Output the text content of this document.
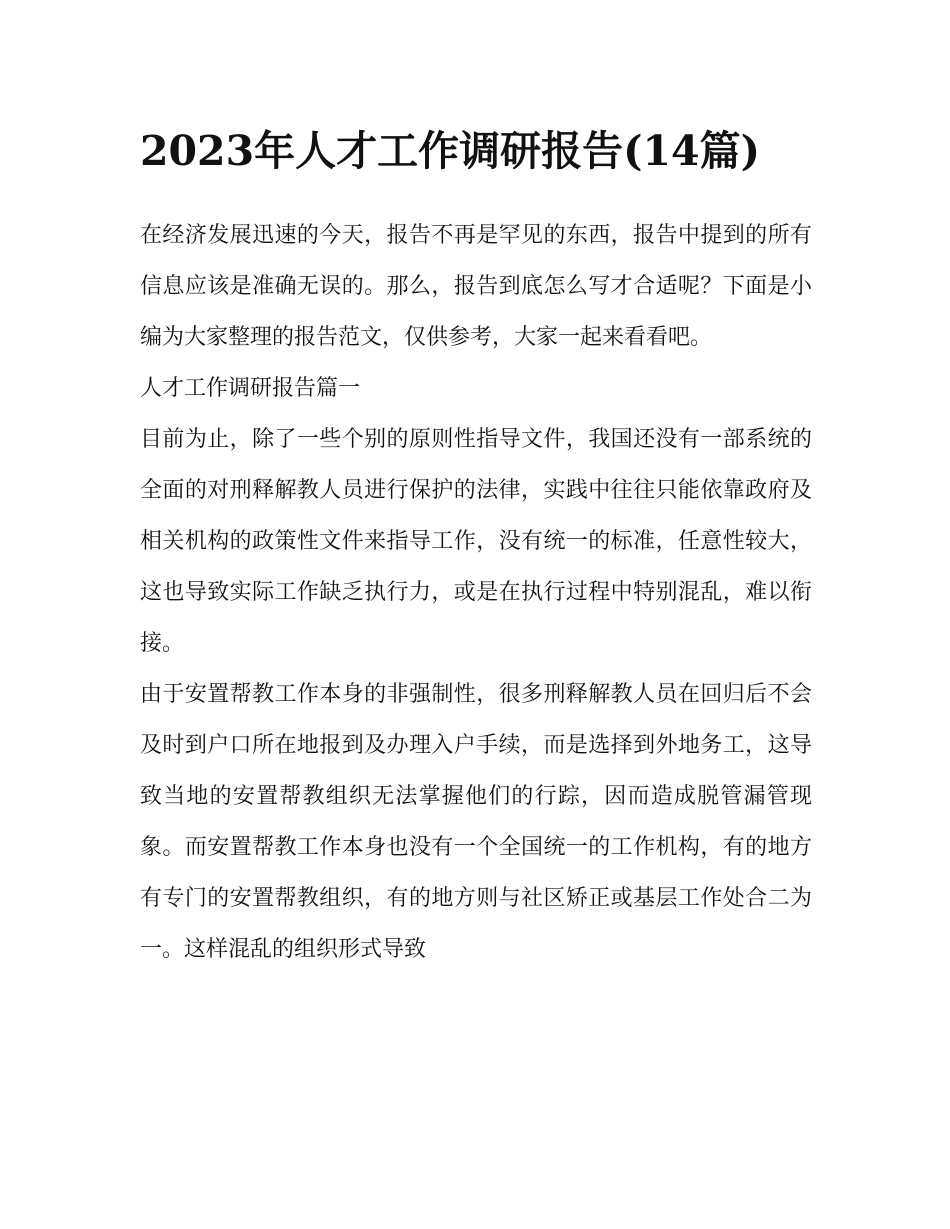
2023年人才工作调研报告(14篇)

在经济发展迅速的今天，报告不再是罕见的东西，报告中提到的所有信息应该是准确无误的。那么，报告到底怎么写才合适呢？下面是小编为大家整理的报告范文，仅供参考，大家一起来看看吧。

人才工作调研报告篇一

目前为止，除了一些个别的原则性指导文件，我国还没有一部系统的全面的对刑释解教人员进行保护的法律，实践中往往只能依靠政府及相关机构的政策性文件来指导工作，没有统一的标准，任意性较大，这也导致实际工作缺乏执行力，或是在执行过程中特别混乱，难以衔接。

由于安置帮教工作本身的非强制性，很多刑释解教人员在回归后不会及时到户口所在地报到及办理入户手续，而是选择到外地务工，这导致当地的安置帮教组织无法掌握他们的行踪，因而造成脱管漏管现象。而安置帮教工作本身也没有一个全国统一的工作机构，有的地方有专门的安置帮教组织，有的地方则与社区矫正或基层工作处合二为一。这样混乱的组织形式导致
